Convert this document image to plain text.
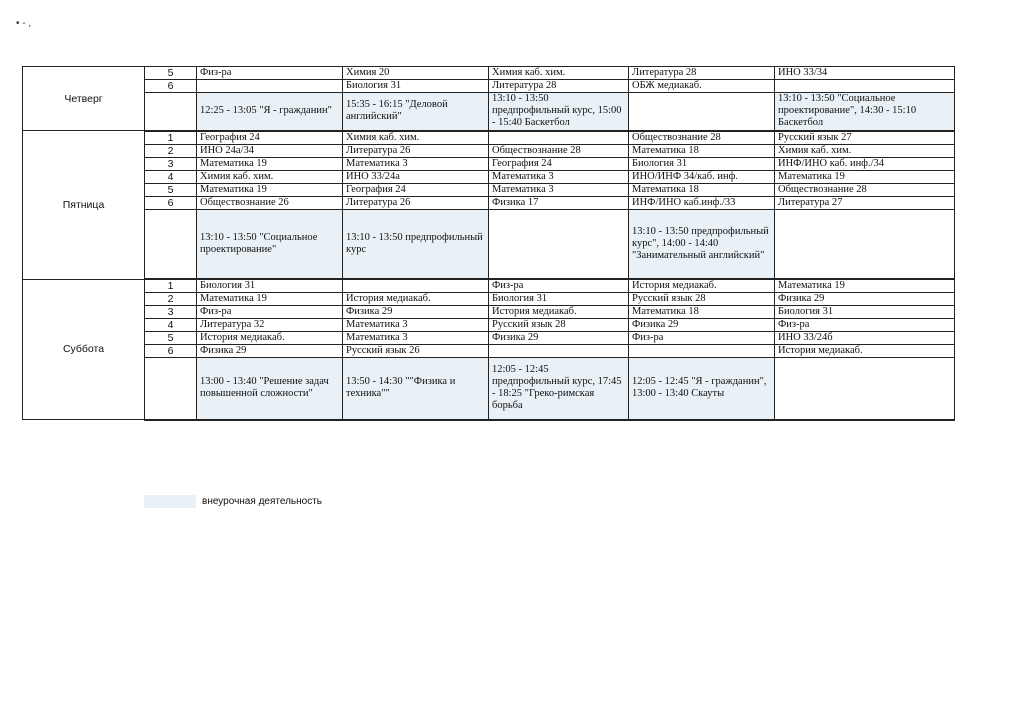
• - ,
Четверг	5	Физ-ра	Химия 20	Химия каб. хим.	Литература 28	ИНО 33/34
	6		Биология 31	Литература 28	ОБЖ медиакаб.	
		12:25 - 13:05 "Я - гражданин"	15:35 - 16:15 "Деловой английский"	13:10 - 13:50 предпрофильный курс, 15:00 - 15:40 Баскетбол		13:10 - 13:50 "Социальное проектирование", 14:30 - 15:10 Баскетбол
Пятница	1	География 24	Химия каб. хим.		Обществознание 28	Русский язык 27
	2	ИНО 24а/34	Литература 26	Обществознание 28	Математика 18	Химия каб. хим.
	3	Математика 19	Математика 3	География 24	Биология 31	ИНФ/ИНО каб. инф./34
	4	Химия каб. хим.	ИНО 33/24а	Математика 3	ИНО/ИНФ 34/каб. инф.	Математика 19
	5	Математика 19	География 24	Математика 3	Математика 18	Обществознание 28
	6	Обществознание 26	Литература 26	Физика 17	ИНФ/ИНО каб.инф./33	Литература 27
		13:10 - 13:50 "Социальное проектирование"	13:10 - 13:50 предпрофильный курс		13:10 - 13:50 предпрофильный курс", 14:00 - 14:40 "Занимательный английский"	
Суббота	1	Биология 31		Физ-ра	История медиакаб.	Математика 19
	2	Математика 19	История медиакаб.	Биология 31	Русский язык 28	Физика 29
	3	Физ-ра	Физика 29	История медиакаб.	Математика 18	Биология 31
	4	Литература 32	Математика 3	Русский язык 28	Физика 29	Физ-ра
	5	История медиакаб.	Математика 3	Физика 29	Физ-ра	ИНО 33/24б
	6	Физика 29	Русский язык 26			История медиакаб.
		13:00 - 13:40 "Решение задач повышенной сложности"	13:50 - 14:30 ""Физика и техника""	12:05 - 12:45 предпрофильный курс, 17:45 - 18:25 "Греко-римская борьба	12:05 - 12:45 "Я - гражданин", 13:00 - 13:40 Скауты	
внеурочная деятельность
